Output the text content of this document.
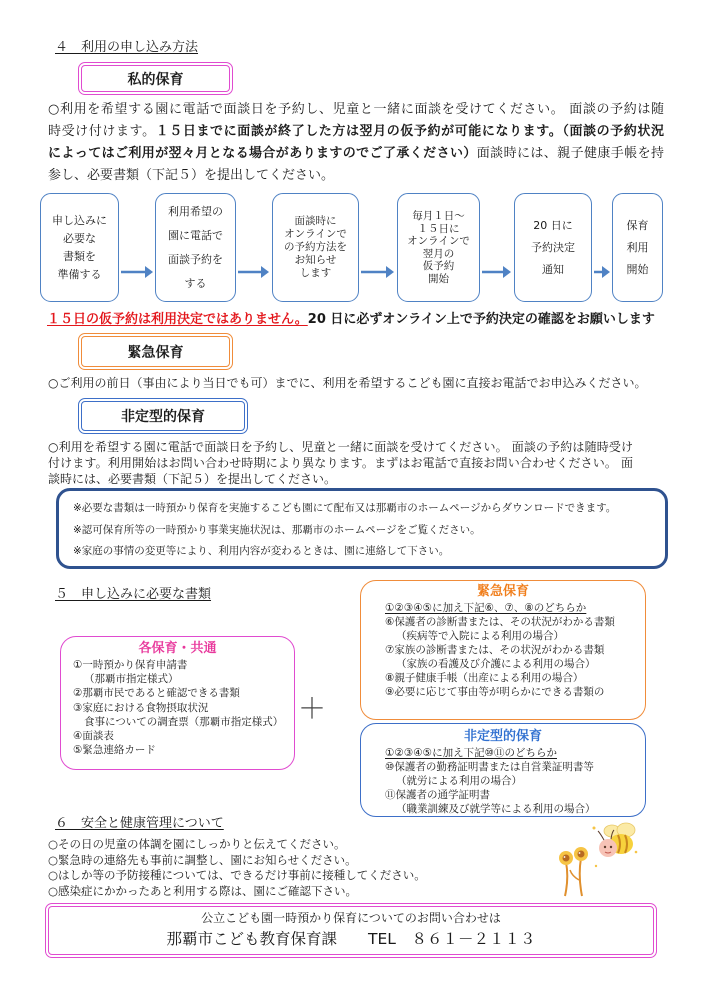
４　利用の申し込み方法
私的保育
○利用を希望する園に電話で面談日を予約し、児童と一緒に面談を受けてください。 面談の予約は随
時受け付けます。１５日までに面談が終了した方は翌月の仮予約が可能になります。（面談の予約状況
によってはご利用が翌々月となる場合がありますのでご了承ください）面談時には、親子健康手帳を持
参し、必要書類（下記５）を提出してください。
申し込みに
必要な
書類を
準備する
利用希望の
園に電話で
面談予約を
する
面談時に
オンラインで
の予約方法を
お知らせ
します
毎月１日～
１５日に
オンラインで
翌月の
仮予約
開始
20 日に
予約決定
通知
保育
利用
開始
１５日の仮予約は利用決定ではありません。20 日に必ずオンライン上で予約決定の確認をお願いします
緊急保育
○ご利用の前日（事由により当日でも可）までに、利用を希望するこども園に直接お電話でお申込みください。
非定型的保育
○利用を希望する園に電話で面談日を予約し、児童と一緒に面談を受けてください。 面談の予約は随時受け
付けます。利用開始はお問い合わせ時期により異なります。まずはお電話で直接お問い合わせください。 面
談時には、必要書類（下記５）を提出してください。
※必要な書類は一時預かり保育を実施するこども園にて配布又は那覇市のホームページからダウンロードできます。
※認可保育所等の一時預かり事業実施状況は、那覇市のホームページをご覧ください。
※家庭の事情の変更等により、利用内容が変わるときは、園に連絡して下さい。
５　申し込みに必要な書類
各保育・共通
①一時預かり保育申請書
（那覇市指定様式）
②那覇市民であると確認できる書類
③家庭における食物摂取状況
食事についての調査票（那覇市指定様式）
④面談表
⑤緊急連絡カード
＋
緊急保育
①②③④⑤に加え下記⑥、⑦、⑧のどちらか
⑥保護者の診断書または、その状況がわかる書類
（疾病等で入院による利用の場合）
⑦家族の診断書または、その状況がわかる書類
（家族の看護及び介護による利用の場合）
⑧親子健康手帳（出産による利用の場合）
⑨必要に応じて事由等が明らかにできる書類の
非定型的保育
①②③④⑤に加え下記⑩⑪のどちらか
⑩保護者の勤務証明書または自営業証明書等
（就労による利用の場合）
⑪保護者の通学証明書
（職業訓練及び就学等による利用の場合）
６　安全と健康管理について
○その日の児童の体調を園にしっかりと伝えてください。
○緊急時の連絡先も事前に調整し、園にお知らせください。
○はしか等の予防接種については、できるだけ事前に接種してください。
○感染症にかかったあと利用する際は、園にご確認下さい。
公立こども園一時預かり保育についてのお問い合わせは
那覇市こども教育保育課　　TEL　８６１－２１１３
